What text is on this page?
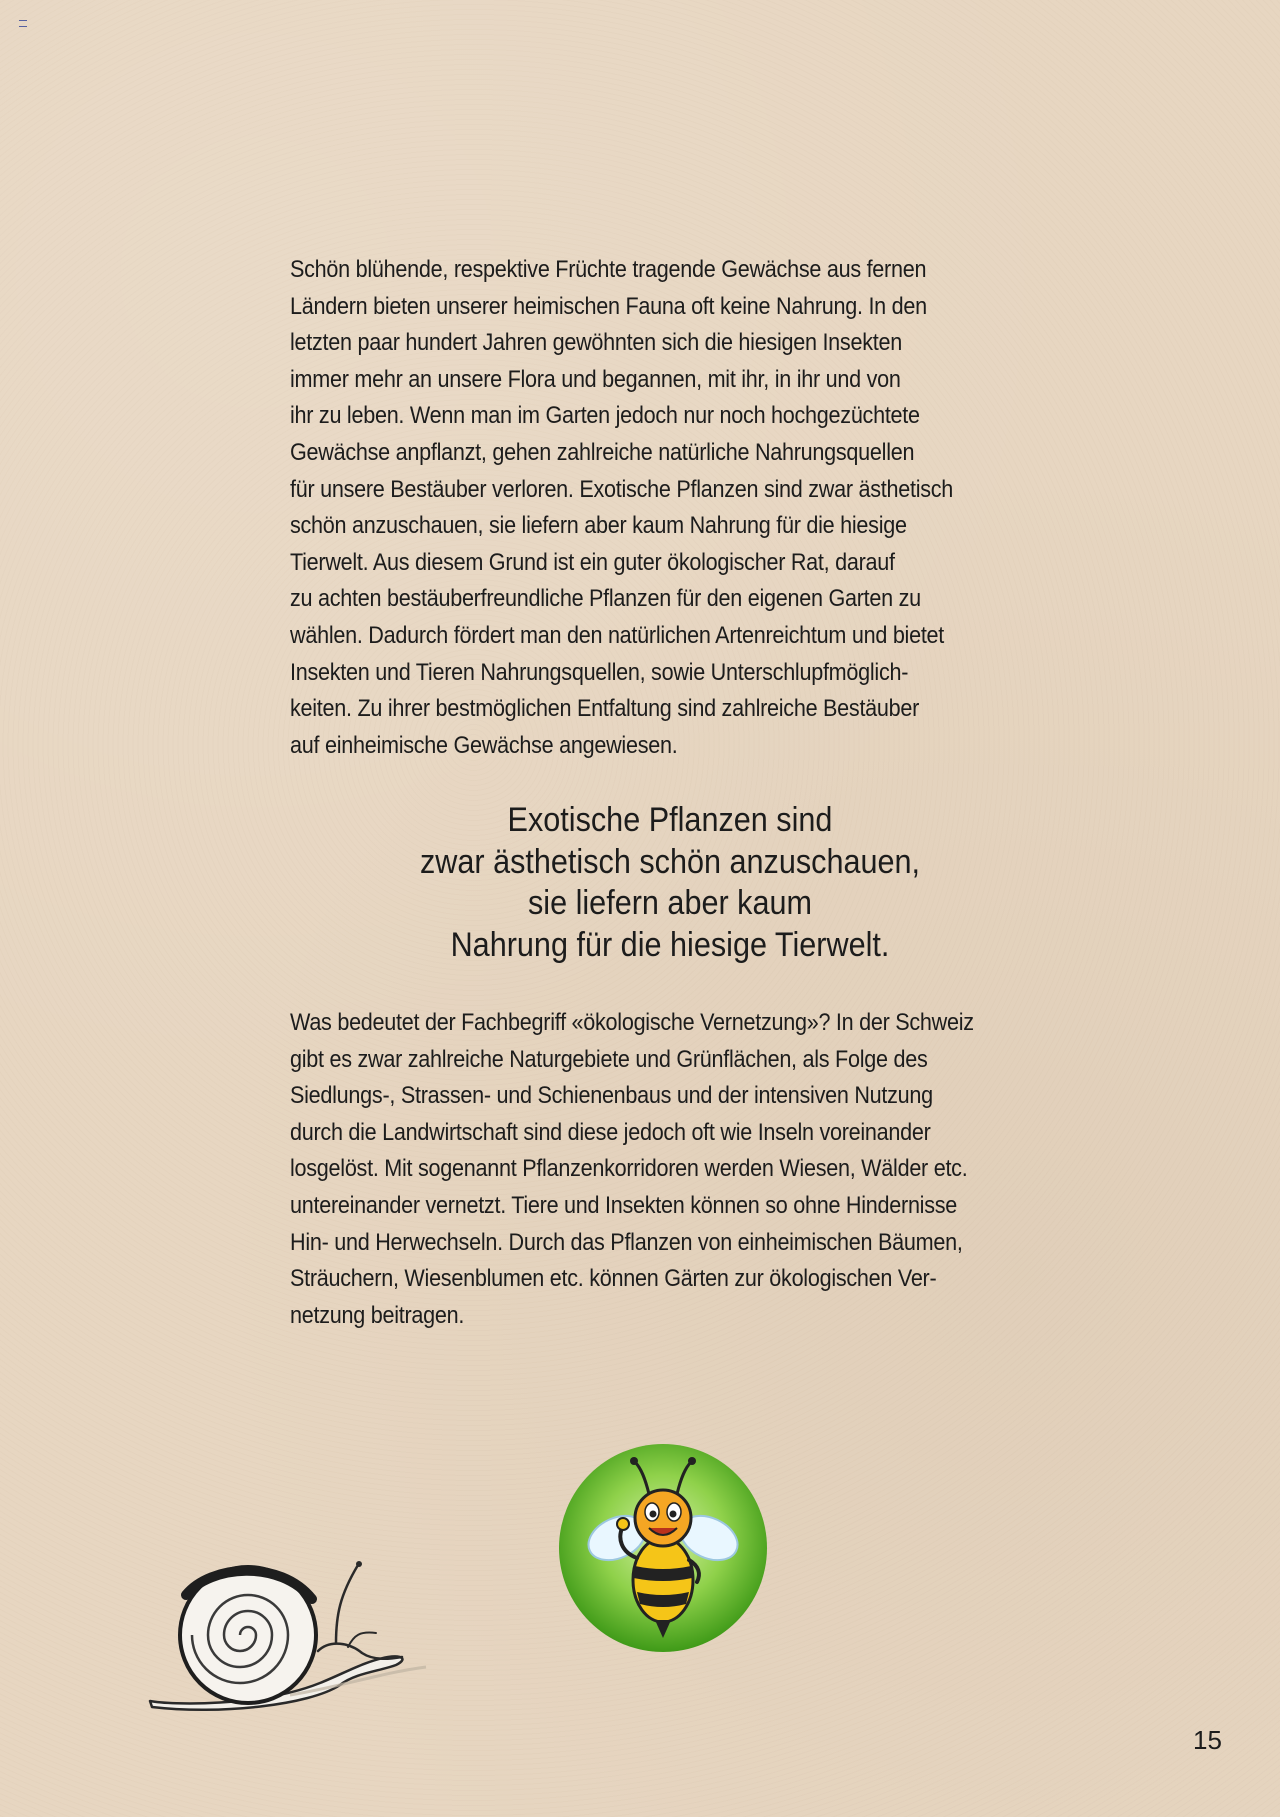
Schön blühende, respektive Früchte tragende Gewächse aus fernen
Ländern bieten unserer heimischen Fauna oft keine Nahrung. In den
letzten paar hundert Jahren gewöhnten sich die hiesigen Insekten
immer mehr an unsere Flora und begannen, mit ihr, in ihr und von
ihr zu leben. Wenn man im Garten jedoch nur noch hochgezüchtete
Gewächse anpflanzt, gehen zahlreiche natürliche Nahrungsquellen
für unsere Bestäuber verloren. Exotische Pflanzen sind zwar ästhetisch
schön anzuschauen, sie liefern aber kaum Nahrung für die hiesige
Tierwelt. Aus diesem Grund ist ein guter ökologischer Rat, darauf
zu achten bestäuberfreundliche Pflanzen für den eigenen Garten zu
wählen. Dadurch fördert man den natürlichen Artenreichtum und bietet
Insekten und Tieren Nahrungsquellen, sowie Unterschlupfmöglich-
keiten. Zu ihrer bestmöglichen Entfaltung sind zahlreiche Bestäuber
auf einheimische Gewächse angewiesen.
Exotische Pflanzen sind
zwar ästhetisch schön anzuschauen,
sie liefern aber kaum
Nahrung für die hiesige Tierwelt.
Was bedeutet der Fachbegriff «ökologische Vernetzung»? In der Schweiz
gibt es zwar zahlreiche Naturgebiete und Grünflächen, als Folge des
Siedlungs-, Strassen- und Schienenbaus und der intensiven Nutzung
durch die Landwirtschaft sind diese jedoch oft wie Inseln voreinander
losgelöst. Mit sogenannt Pflanzenkorridoren werden Wiesen, Wälder etc.
untereinander vernetzt. Tiere und Insekten können so ohne Hindernisse
Hin- und Herwechseln. Durch das Pflanzen von einheimischen Bäumen,
Sträuchern, Wiesenblumen etc. können Gärten zur ökologischen Ver-
netzung beitragen.
15
